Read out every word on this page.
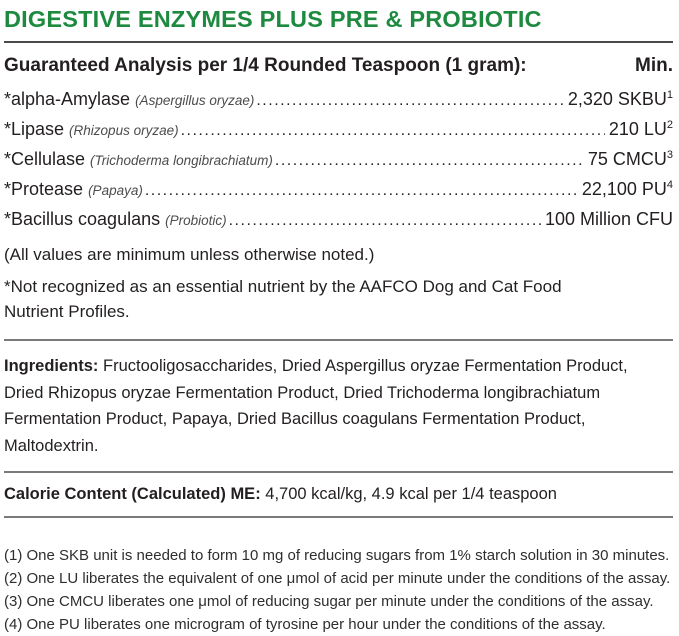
DIGESTIVE ENZYMES PLUS PRE & PROBIOTIC
Guaranteed Analysis per 1/4 Rounded Teaspoon (1 gram):	Min.
*alpha-Amylase (Aspergillus oryzae) .....	2,320 SKBU$^1$
*Lipase (Rhizopus oryzae) .....	210 $LU^2$
*Cellulase (Trichoderma longibrachiatum) .....	75 CMCU$^3$
*Protease (Papaya) .....	22,100 $PU^4$
*Bacillus coagulans (Probiotic) .....	100 Million CFU
(All values are minimum unless otherwise noted.)
*Not recognized as an essential nutrient by the AAFCO Dog and Cat Food Nutrient Profiles.
Ingredients: Fructooligosaccharides, Dried Aspergillus oryzae Fermentation Product, Dried Rhizopus oryzae Fermentation Product, Dried Trichoderma longibrachiatum Fermentation Product, Papaya, Dried Bacillus coagulans Fermentation Product, Maltodextrin.
Calorie Content (Calculated) ME: 4,700 kcal/kg, 4.9 kcal per 1/4 teaspoon
(1) One SKB unit is needed to form 10 mg of reducing sugars from 1% starch solution in 30 minutes.
(2) One LU liberates the equivalent of one μmol of acid per minute under the conditions of the assay.
(3) One CMCU liberates one μmol of reducing sugar per minute under the conditions of the assay.
(4) One PU liberates one microgram of tyrosine per hour under the conditions of the assay.
